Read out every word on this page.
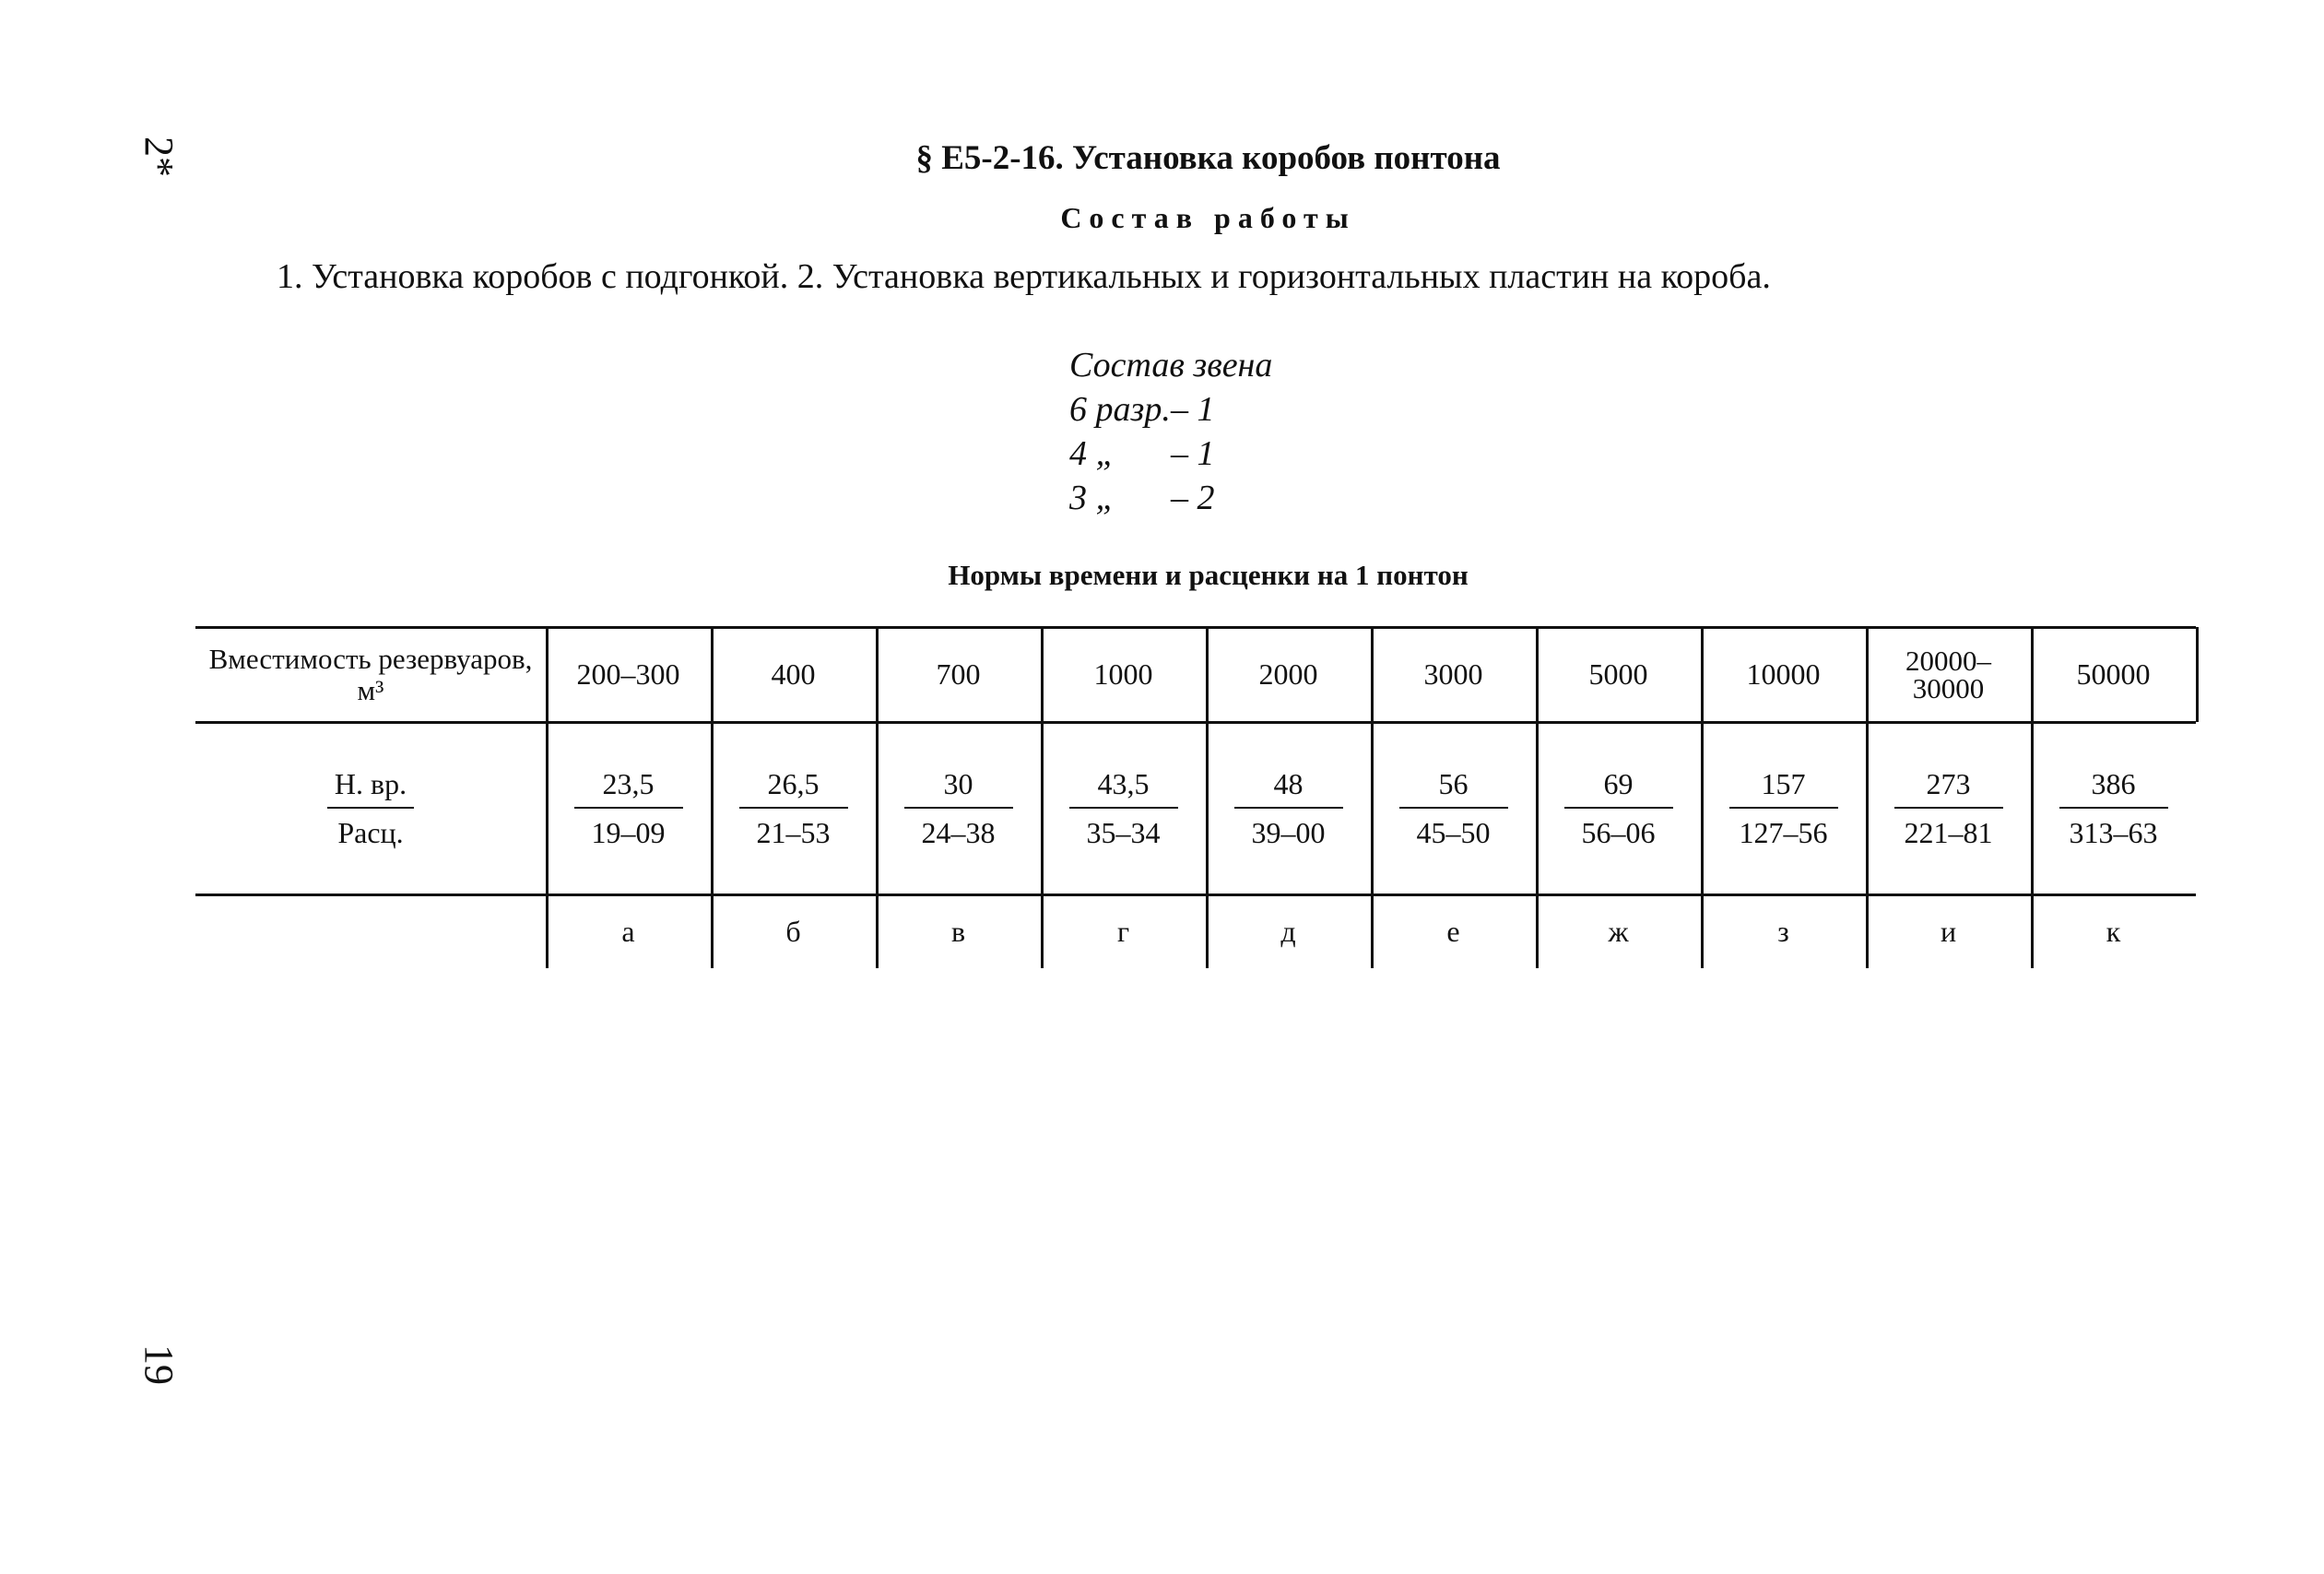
2*
19
§ Е5-2-16. Установка коробов понтона
Состав работы
1. Установка коробов с подгонкой. 2. Установка вертикальных и горизонтальных пластин на короба.
Состав звена
6 разр. – 1
4 „	– 1
3 „	– 2
Нормы времени и расценки на 1 понтон
Вместимость резервуаров, м³
$\frac{Н. вр.}{\text{Расц.}}$
200–300
$\frac{23,5}{19-09}$
а
400
$\frac{26,5}{21-53}$
б
700
$\frac{30}{24-38}$
в
1000
$\frac{43,5}{35-34}$
г
2000
$\frac{48}{39-00}$
д
3000
$\frac{56}{45-50}$
е
5000
$\frac{69}{56-06}$
ж
10000
$\frac{157}{127-56}$
з
20000–
30000
$\frac{273}{221-81}$
и
50000
$\frac{386}{313-63}$
к
